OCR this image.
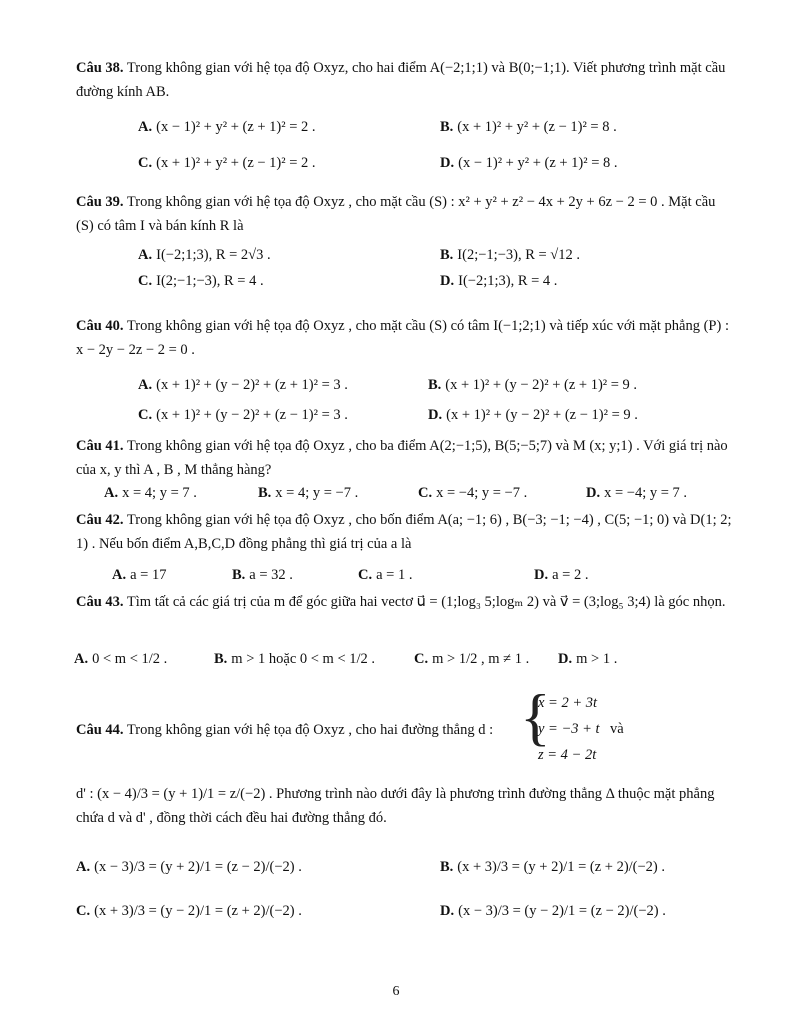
Câu 38. Trong không gian với hệ tọa độ Oxyz, cho hai điểm A(−2;1;1) và B(0;−1;1). Viết phương trình mặt cầu đường kính AB.
A. (x − 1)² + y² + (z + 1)² = 2 .	B. (x + 1)² + y² + (z − 1)² = 8 .
C. (x + 1)² + y² + (z − 1)² = 2 .	D. (x − 1)² + y² + (z + 1)² = 8 .
Câu 39. Trong không gian với hệ tọa độ Oxyz , cho mặt cầu (S) : x² + y² + z² − 4x + 2y + 6z − 2 = 0 . Mặt cầu (S) có tâm I và bán kính R là
A. I(−2;1;3), R = 2√3 .	B. I(2;−1;−3), R = √12 .
C. I(2;−1;−3), R = 4 .	D. I(−2;1;3), R = 4 .
Câu 40. Trong không gian với hệ tọa độ Oxyz , cho mặt cầu (S) có tâm I(−1;2;1) và tiếp xúc với mặt phẳng (P) : x − 2y − 2z − 2 = 0 .
A. (x + 1)² + (y − 2)² + (z + 1)² = 3 .	B. (x + 1)² + (y − 2)² + (z + 1)² = 9 .
C. (x + 1)² + (y − 2)² + (z − 1)² = 3 .	D. (x + 1)² + (y − 2)² + (z − 1)² = 9 .
Câu 41. Trong không gian với hệ tọa độ Oxyz , cho ba điểm A(2;−1;5), B(5;−5;7) và M (x; y;1) . Với giá trị nào của x, y thì A , B , M thẳng hàng?
A. x = 4; y = 7 .	B. x = 4; y = −7 .	C. x = −4; y = −7 .	D. x = −4; y = 7 .
Câu 42. Trong không gian với hệ tọa độ Oxyz , cho bốn điểm A(a; −1; 6) , B(−3; −1; −4) , C(5; −1; 0) và D(1; 2; 1) . Nếu bốn điểm A,B,C,D đồng phẳng thì giá trị của a là
A. a = 17	B. a = 32 .	C. a = 1 .	D. a = 2 .
Câu 43. Tìm tất cả các giá trị của m để góc giữa hai vectơ u⃗ = (1;log₃ 5;logₘ 2) và v⃗ = (3;log₅ 3;4) là góc nhọn.
A. 0 < m < 1/2 .	B. m > 1 hoặc 0 < m < 1/2 .	C. m > 1/2 , m ≠ 1 . D. m > 1 .
Câu 44. Trong không gian với hệ tọa độ Oxyz , cho hai đường thẳng d : {
x = 2 + 3t
y = −3 + t
z = 4 − 2t
và
d' : (x − 4)/3 = (y + 1)/1 = z/(−2) . Phương trình nào dưới đây là phương trình đường thẳng Δ thuộc mặt phẳng chứa d và d' , đồng thời cách đều hai đường thẳng đó.
A. (x − 3)/3 = (y + 2)/1 = (z − 2)/(−2) .	B. (x + 3)/3 = (y + 2)/1 = (z + 2)/(−2) .
C. (x + 3)/3 = (y − 2)/1 = (z + 2)/(−2) .	D. (x − 3)/3 = (y − 2)/1 = (z − 2)/(−2) .
6
